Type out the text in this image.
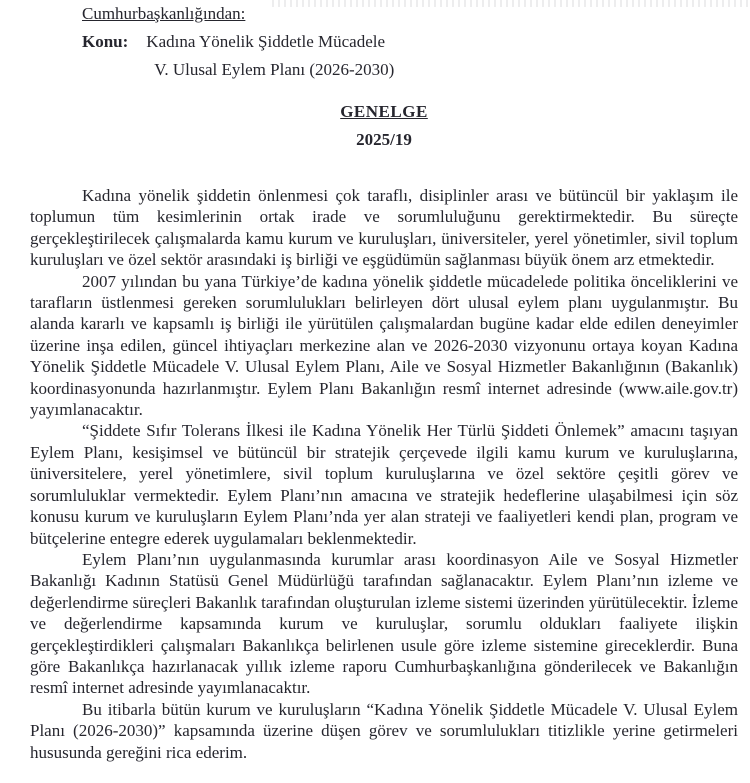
Cumhurbaşkanlığından:
Konu: Kadına Yönelik Şiddetle Mücadele
V. Ulusal Eylem Planı (2026-2030)
GENELGE
2025/19

Kadına yönelik şiddetin önlenmesi çok taraflı, disiplinler arası ve bütüncül bir yaklaşım ile toplumun tüm kesimlerinin ortak irade ve sorumluluğunu gerektirmektedir. Bu süreçte gerçekleştirilecek çalışmalarda kamu kurum ve kuruluşları, üniversiteler, yerel yönetimler, sivil toplum kuruluşları ve özel sektör arasındaki iş birliği ve eşgüdümün sağlanması büyük önem arz etmektedir.

2007 yılından bu yana Türkiye’de kadına yönelik şiddetle mücadelede politika önceliklerini ve tarafların üstlenmesi gereken sorumlulukları belirleyen dört ulusal eylem planı uygulanmıştır. Bu alanda kararlı ve kapsamlı iş birliği ile yürütülen çalışmalardan bugüne kadar elde edilen deneyimler üzerine inşa edilen, güncel ihtiyaçları merkezine alan ve 2026-2030 vizyonunu ortaya koyan Kadına Yönelik Şiddetle Mücadele V. Ulusal Eylem Planı, Aile ve Sosyal Hizmetler Bakanlığının (Bakanlık) koordinasyonunda hazırlanmıştır. Eylem Planı Bakanlığın resmî internet adresinde (www.aile.gov.tr) yayımlanacaktır.

“Şiddete Sıfır Tolerans İlkesi ile Kadına Yönelik Her Türlü Şiddeti Önlemek” amacını taşıyan Eylem Planı, kesişimsel ve bütüncül bir stratejik çerçevede ilgili kamu kurum ve kuruluşlarına, üniversitelere, yerel yönetimlere, sivil toplum kuruluşlarına ve özel sektöre çeşitli görev ve sorumluluklar vermektedir. Eylem Planı’nın amacına ve stratejik hedeflerine ulaşabilmesi için söz konusu kurum ve kuruluşların Eylem Planı’nda yer alan strateji ve faaliyetleri kendi plan, program ve bütçelerine entegre ederek uygulamaları beklenmektedir.

Eylem Planı’nın uygulanmasında kurumlar arası koordinasyon Aile ve Sosyal Hizmetler Bakanlığı Kadının Statüsü Genel Müdürlüğü tarafından sağlanacaktır. Eylem Planı’nın izleme ve değerlendirme süreçleri Bakanlık tarafından oluşturulan izleme sistemi üzerinden yürütülecektir. İzleme ve değerlendirme kapsamında kurum ve kuruluşlar, sorumlu oldukları faaliyete ilişkin gerçekleştirdikleri çalışmaları Bakanlıkça belirlenen usule göre izleme sistemine gireceklerdir. Buna göre Bakanlıkça hazırlanacak yıllık izleme raporu Cumhurbaşkanlığına gönderilecek ve Bakanlığın resmî internet adresinde yayımlanacaktır.

Bu itibarla bütün kurum ve kuruluşların “Kadına Yönelik Şiddetle Mücadele V. Ulusal Eylem Planı (2026-2030)” kapsamında üzerine düşen görev ve sorumlulukları titizlikle yerine getirmeleri hususunda gereğini rica ederim.
